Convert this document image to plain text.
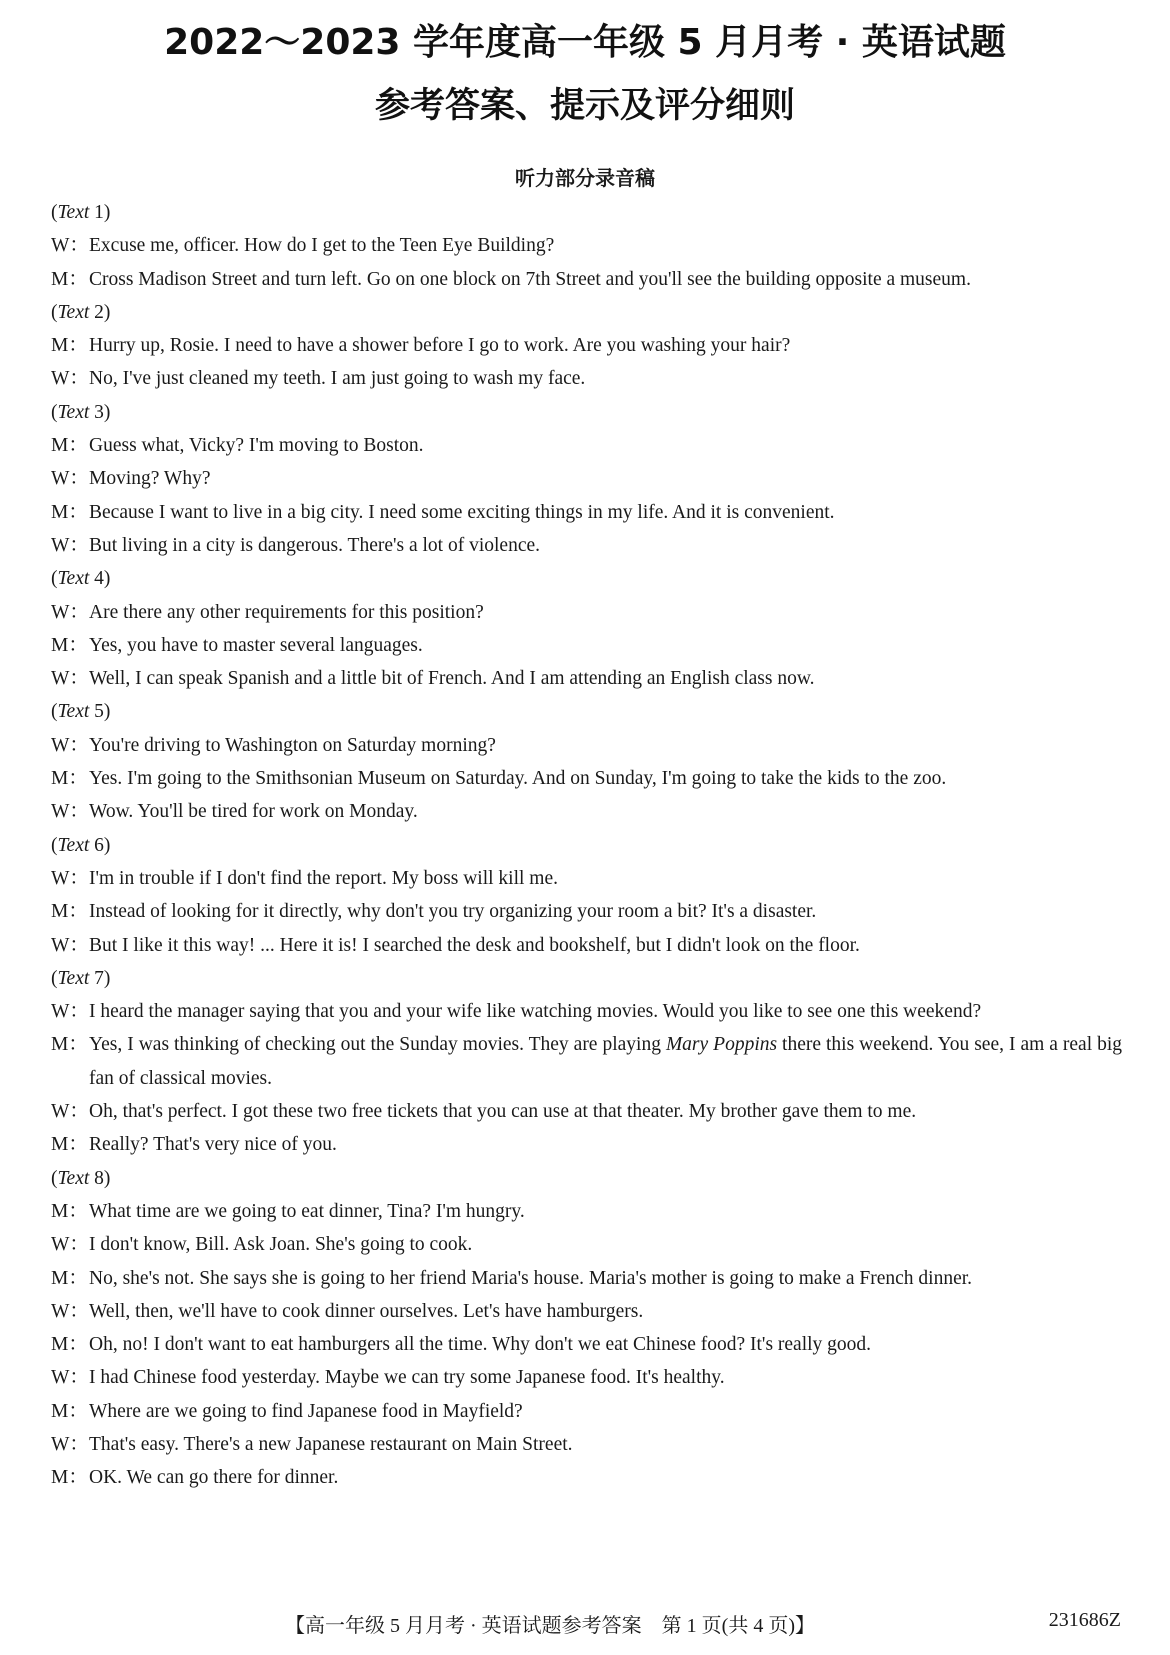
2022～2023 学年度高一年级 5 月月考 · 英语试题
参考答案、提示及评分细则
听力部分录音稿
(Text 1)
W： Excuse me, officer. How do I get to the Teen Eye Building?
M： Cross Madison Street and turn left. Go on one block on 7th Street and you'll see the building opposite a museum.
(Text 2)
M： Hurry up, Rosie. I need to have a shower before I go to work. Are you washing your hair?
W： No, I've just cleaned my teeth. I am just going to wash my face.
(Text 3)
M： Guess what, Vicky? I'm moving to Boston.
W： Moving? Why?
M： Because I want to live in a big city. I need some exciting things in my life. And it is convenient.
W： But living in a city is dangerous. There's a lot of violence.
(Text 4)
W： Are there any other requirements for this position?
M： Yes, you have to master several languages.
W： Well, I can speak Spanish and a little bit of French. And I am attending an English class now.
(Text 5)
W： You're driving to Washington on Saturday morning?
M： Yes. I'm going to the Smithsonian Museum on Saturday. And on Sunday, I'm going to take the kids to the zoo.
W： Wow. You'll be tired for work on Monday.
(Text 6)
W： I'm in trouble if I don't find the report. My boss will kill me.
M： Instead of looking for it directly, why don't you try organizing your room a bit? It's a disaster.
W： But I like it this way! ... Here it is! I searched the desk and bookshelf, but I didn't look on the floor.
(Text 7)
W： I heard the manager saying that you and your wife like watching movies. Would you like to see one this weekend?
M： Yes, I was thinking of checking out the Sunday movies. They are playing Mary Poppins there this weekend. You see, I am a real big fan of classical movies.
W： Oh, that's perfect. I got these two free tickets that you can use at that theater. My brother gave them to me.
M： Really? That's very nice of you.
(Text 8)
M： What time are we going to eat dinner, Tina? I'm hungry.
W： I don't know, Bill. Ask Joan. She's going to cook.
M： No, she's not. She says she is going to her friend Maria's house. Maria's mother is going to make a French dinner.
W： Well, then, we'll have to cook dinner ourselves. Let's have hamburgers.
M： Oh, no! I don't want to eat hamburgers all the time. Why don't we eat Chinese food? It's really good.
W： I had Chinese food yesterday. Maybe we can try some Japanese food. It's healthy.
M： Where are we going to find Japanese food in Mayfield?
W： That's easy. There's a new Japanese restaurant on Main Street.
M： OK. We can go there for dinner.
【高一年级 5 月月考 · 英语试题参考答案　第 1 页(共 4 页)】	231686Z
